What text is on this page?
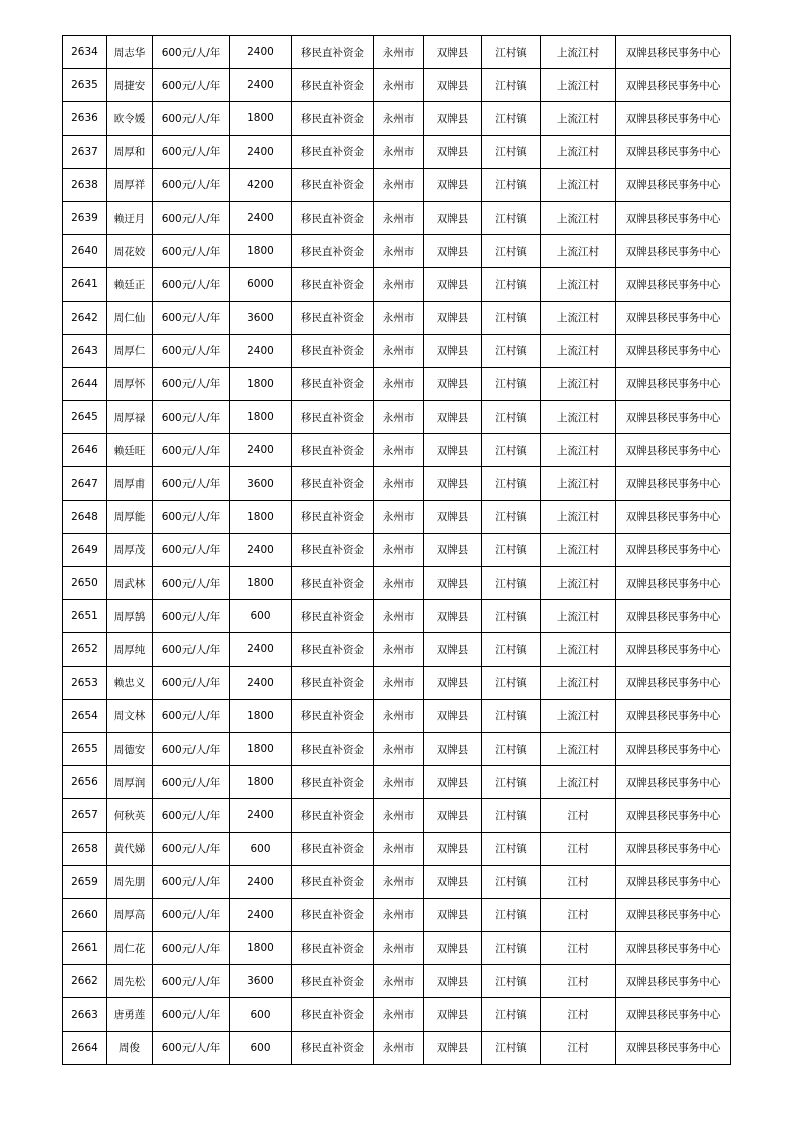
2634	周志华	600元/人/年	2400	移民直补资金	永州市	双牌县	江村镇	上流江村	双牌县移民事务中心
2635	周捷安	600元/人/年	2400	移民直补资金	永州市	双牌县	江村镇	上流江村	双牌县移民事务中心
2636	欧令媛	600元/人/年	1800	移民直补资金	永州市	双牌县	江村镇	上流江村	双牌县移民事务中心
2637	周厚和	600元/人/年	2400	移民直补资金	永州市	双牌县	江村镇	上流江村	双牌县移民事务中心
2638	周厚祥	600元/人/年	4200	移民直补资金	永州市	双牌县	江村镇	上流江村	双牌县移民事务中心
2639	赖迂月	600元/人/年	2400	移民直补资金	永州市	双牌县	江村镇	上流江村	双牌县移民事务中心
2640	周花姣	600元/人/年	1800	移民直补资金	永州市	双牌县	江村镇	上流江村	双牌县移民事务中心
2641	赖廷正	600元/人/年	6000	移民直补资金	永州市	双牌县	江村镇	上流江村	双牌县移民事务中心
2642	周仁仙	600元/人/年	3600	移民直补资金	永州市	双牌县	江村镇	上流江村	双牌县移民事务中心
2643	周厚仁	600元/人/年	2400	移民直补资金	永州市	双牌县	江村镇	上流江村	双牌县移民事务中心
2644	周厚怀	600元/人/年	1800	移民直补资金	永州市	双牌县	江村镇	上流江村	双牌县移民事务中心
2645	周厚禄	600元/人/年	1800	移民直补资金	永州市	双牌县	江村镇	上流江村	双牌县移民事务中心
2646	赖廷旺	600元/人/年	2400	移民直补资金	永州市	双牌县	江村镇	上流江村	双牌县移民事务中心
2647	周厚甫	600元/人/年	3600	移民直补资金	永州市	双牌县	江村镇	上流江村	双牌县移民事务中心
2648	周厚能	600元/人/年	1800	移民直补资金	永州市	双牌县	江村镇	上流江村	双牌县移民事务中心
2649	周厚茂	600元/人/年	2400	移民直补资金	永州市	双牌县	江村镇	上流江村	双牌县移民事务中心
2650	周武林	600元/人/年	1800	移民直补资金	永州市	双牌县	江村镇	上流江村	双牌县移民事务中心
2651	周厚鹄	600元/人/年	600	移民直补资金	永州市	双牌县	江村镇	上流江村	双牌县移民事务中心
2652	周厚纯	600元/人/年	2400	移民直补资金	永州市	双牌县	江村镇	上流江村	双牌县移民事务中心
2653	赖忠义	600元/人/年	2400	移民直补资金	永州市	双牌县	江村镇	上流江村	双牌县移民事务中心
2654	周文林	600元/人/年	1800	移民直补资金	永州市	双牌县	江村镇	上流江村	双牌县移民事务中心
2655	周德安	600元/人/年	1800	移民直补资金	永州市	双牌县	江村镇	上流江村	双牌县移民事务中心
2656	周厚润	600元/人/年	1800	移民直补资金	永州市	双牌县	江村镇	上流江村	双牌县移民事务中心
2657	何秋英	600元/人/年	2400	移民直补资金	永州市	双牌县	江村镇	江村	双牌县移民事务中心
2658	黄代娣	600元/人/年	600	移民直补资金	永州市	双牌县	江村镇	江村	双牌县移民事务中心
2659	周先朋	600元/人/年	2400	移民直补资金	永州市	双牌县	江村镇	江村	双牌县移民事务中心
2660	周厚高	600元/人/年	2400	移民直补资金	永州市	双牌县	江村镇	江村	双牌县移民事务中心
2661	周仁花	600元/人/年	1800	移民直补资金	永州市	双牌县	江村镇	江村	双牌县移民事务中心
2662	周先松	600元/人/年	3600	移民直补资金	永州市	双牌县	江村镇	江村	双牌县移民事务中心
2663	唐勇莲	600元/人/年	600	移民直补资金	永州市	双牌县	江村镇	江村	双牌县移民事务中心
2664	周俊	600元/人/年	600	移民直补资金	永州市	双牌县	江村镇	江村	双牌县移民事务中心
